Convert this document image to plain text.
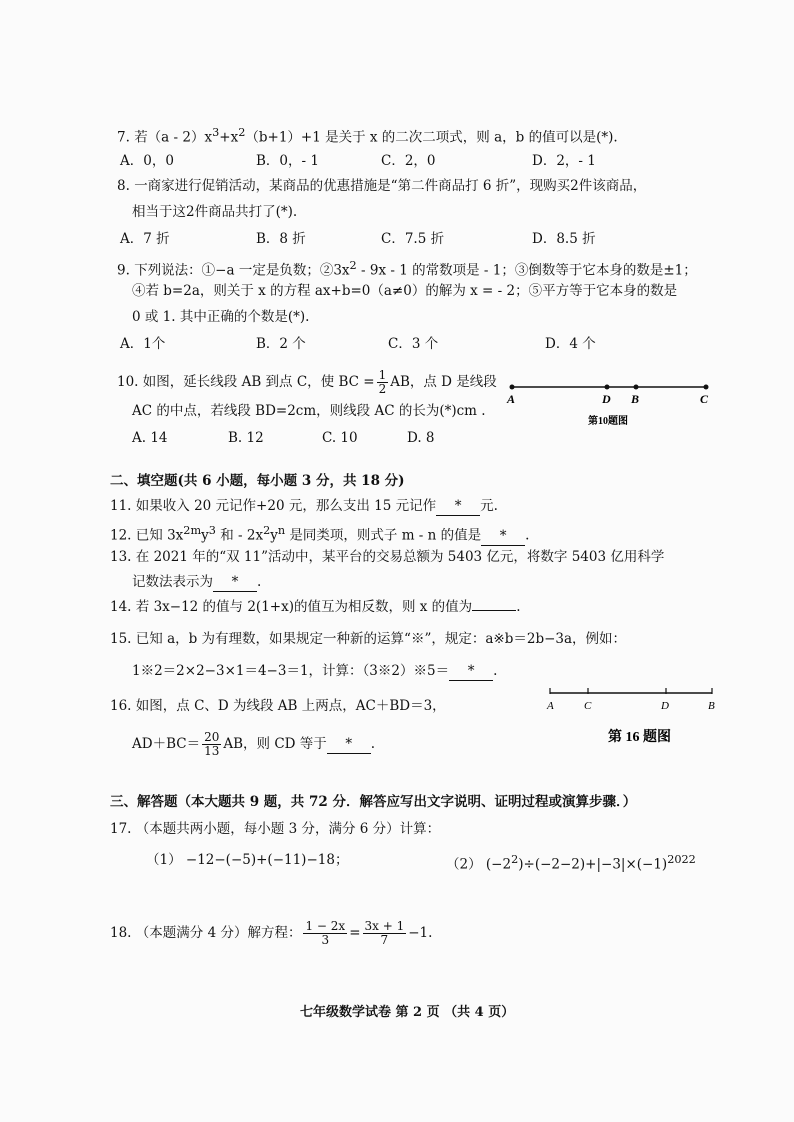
7. 若$(a - 2)x^3+x^2(b+1)+1$ 是关于 x 的二次二项式，则 a，b 的值可以是(*).
A．0，0	B．0，- 1	C．2，0	D．2，- 1
8. 一商家进行促销活动，某商品的优惠措施是“第二件商品打 6 折”，现购买2件该商品，
相当于这2件商品共打了(*).
A．7 折	B．8 折	C．7.5 折	D．8.5 折
9. 下列说法：①−a 一定是负数；$②3x^2 - 9x - 1$ 的常数项是 - 1；③倒数等于它本身的数是±1；
④若 b=2a，则关于 x 的方程 ax+b=0（a≠0）的解为 x = - 2；⑤平方等于它本身的数是
0 或 1. 其中正确的个数是(*).
A．1个	B．2 个	C．3 个	D．4 个
10. 如图，延长线段 AB 到点 C，使 BC = $\frac{1}{2}$ AB，点 D 是线段
AC 的中点，若线段 BD=2cm，则线段 AC 的长为(*)cm .
A. 14	B. 12	C. 10	D. 8
A	D B	C
第10题图
二、填空题(共 6 小题，每小题 3 分，共 18 分)
11. 如果收入 20 元记作+20 元，那么支出 15 元记作 * 元.
12. 已知 $3x^{2m}y^3$ 和 - $2x^2y^n$ 是同类项，则式子 m - n 的值是 * .
13. 在 2021 年的“双 11”活动中，某平台的交易总额为 5403 亿元，将数字 5403 亿用科学
记数法表示为 * .
14. 若 3x−12 的值与 2(1+x)的值互为相反数，则 x 的值为	.
15. 已知 a，b 为有理数，如果规定一种新的运算“※”，规定：a※b＝2b−3a，例如：
1※2＝2×2−3×1＝4−3＝1，计算：（3※2）※5＝ * .
16. 如图，点 C、D 为线段 AB 上两点，AC＋BD＝3，
$AD+BC= \frac{20}{13}$ AB，则 CD 等于 * .
A	C	D	B
第 16 题图
三、解答题（本大题共 9 题，共 72 分．解答应写出文字说明、证明过程或演算步骤．）
17. （本题共两小题，每小题 3 分，满分 6 分）计算：
（1） −12−(−5)+(−11)−18；	（2） $(-2^2)\div(-2-2)+|-3|\times(-1)^{2022}$
18. （本题满分 4 分）解方程： $\frac{1 - 2x}{3} = \frac{3x + 1}{7} -1$.
七年级数学试卷 第 2 页 （共 4 页）
